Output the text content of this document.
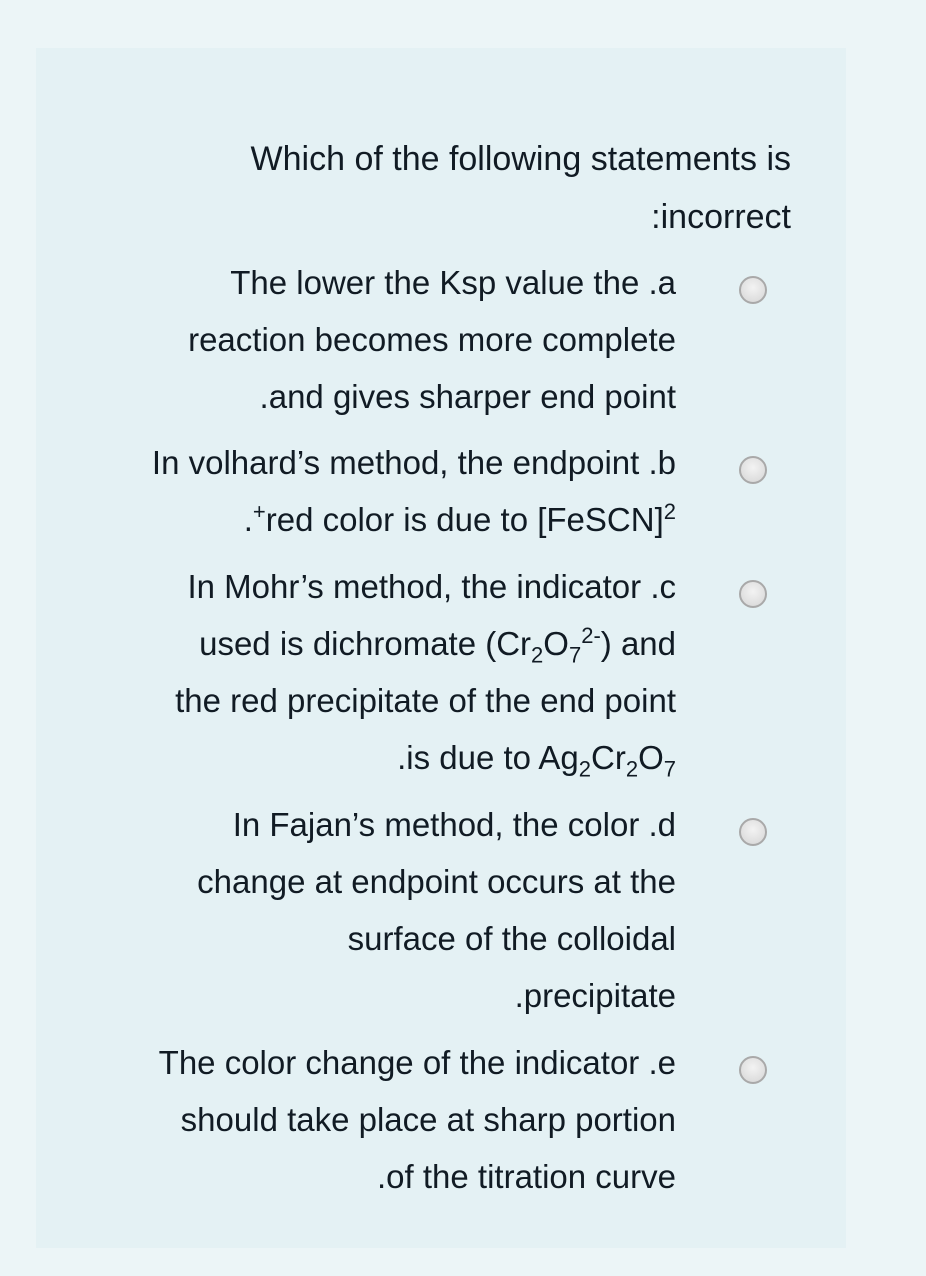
Which of the following statements is
:incorrect
The lower the Ksp value the .a
reaction becomes more complete
.and gives sharper end point
In volhard’s method, the endpoint .b
.+red color is due to [FeSCN]$^2$
In Mohr’s method, the indicator .c
used is dichromate $(Cr_2O_7^{2-})$ and
the red precipitate of the end point
.is due to $Ag_2Cr_2O_7$
In Fajan’s method, the color .d
change at endpoint occurs at the
surface of the colloidal
.precipitate
The color change of the indicator .e
should take place at sharp portion
.of the titration curve
